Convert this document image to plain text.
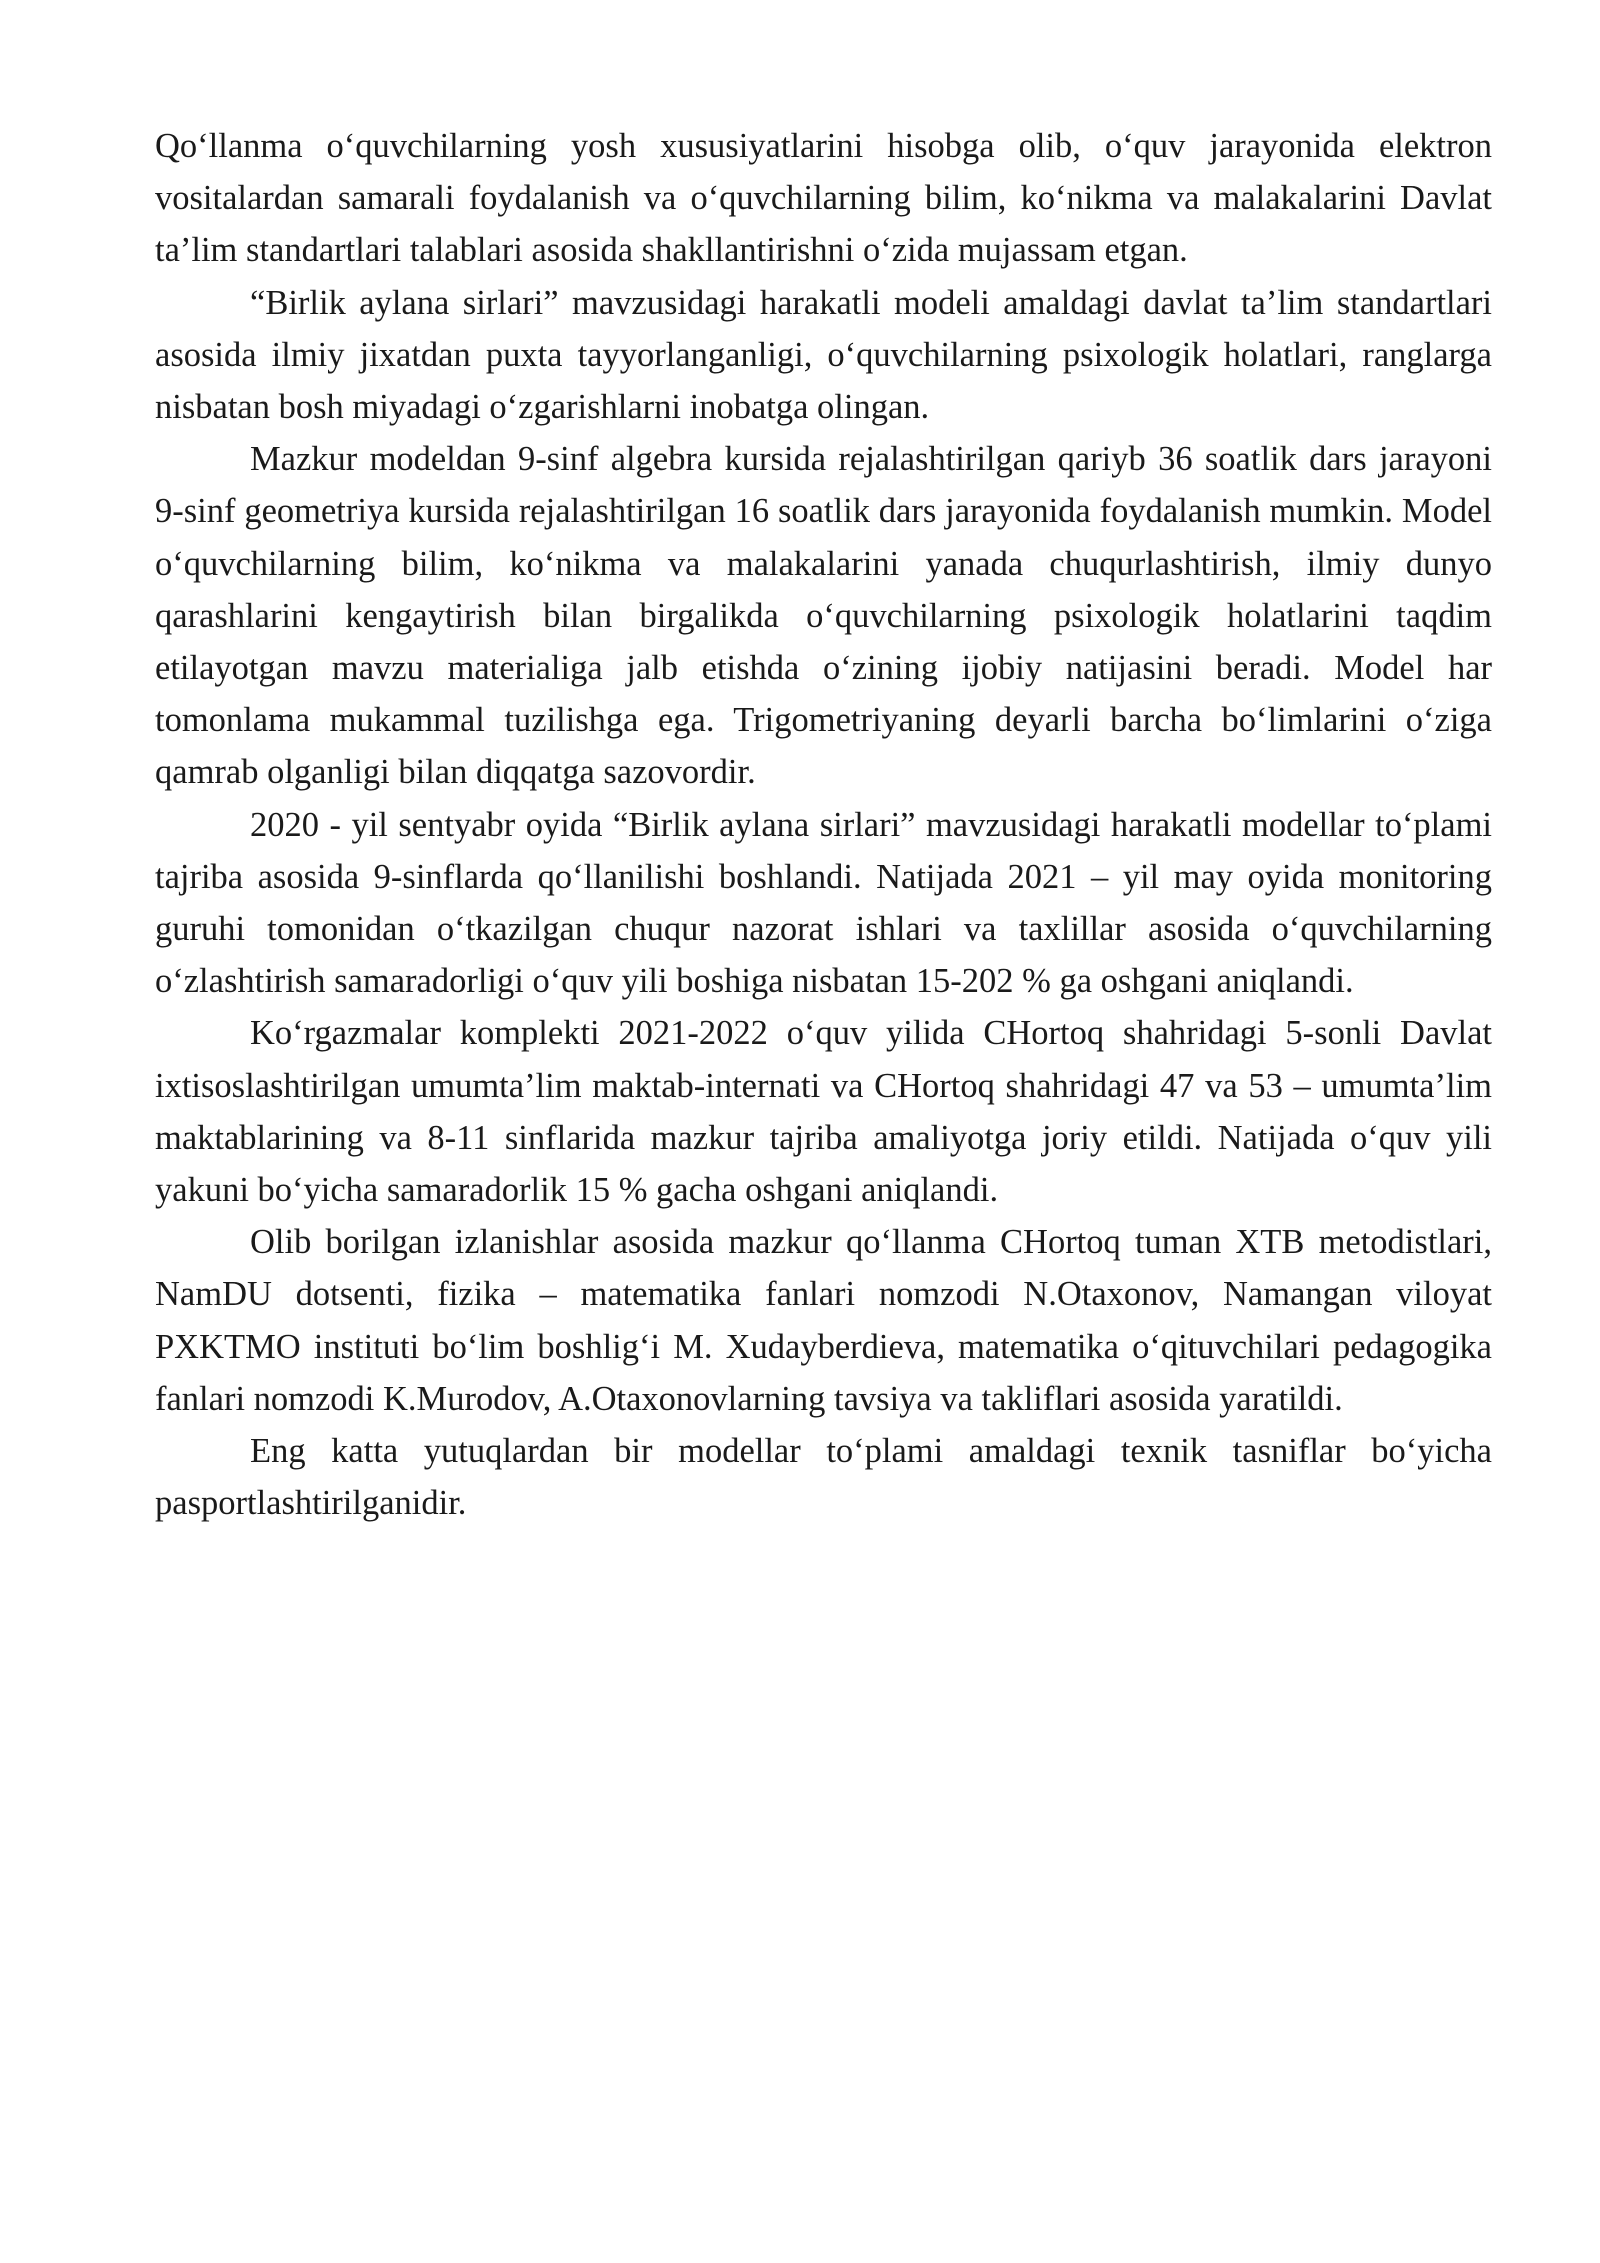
Qo‘llanma o‘quvchilarning yosh xususiyatlarini hisobga olib, o‘quv jarayonida elektron vositalardan samarali foydalanish va o‘quvchilarning bilim, ko‘nikma va malakalarini Davlat ta’lim standartlari talablari asosida shakllantirishni o‘zida mujassam etgan.

“Birlik aylana sirlari” mavzusidagi harakatli modeli amaldagi davlat ta’lim standartlari asosida ilmiy jixatdan puxta tayyorlanganligi, o‘quvchilarning psixologik holatlari, ranglarga nisbatan bosh miyadagi o‘zgarishlarni inobatga olingan.

Mazkur modeldan 9-sinf algebra kursida rejalashtirilgan qariyb 36 soatlik dars jarayoni 9-sinf geometriya kursida rejalashtirilgan 16 soatlik dars jarayonida foydalanish mumkin. Model o‘quvchilarning bilim, ko‘nikma va malakalarini yanada chuqurlashtirish, ilmiy dunyo qarashlarini kengaytirish bilan birgalikda o‘quvchilarning psixologik holatlarini taqdim etilayotgan mavzu materialiga jalb etishda o‘zining ijobiy natijasini beradi. Model har tomonlama mukammal tuzilishga ega. Trigometriyaning deyarli barcha bo‘limlarini o‘ziga qamrab olganligi bilan diqqatga sazovordir.

2020 - yil sentyabr oyida “Birlik aylana sirlari” mavzusidagi harakatli modellar to‘plami tajriba asosida 9-sinflarda qo‘llanilishi boshlandi. Natijada 2021 – yil may oyida monitoring guruhi tomonidan o‘tkazilgan chuqur nazorat ishlari va taxlillar asosida o‘quvchilarning o‘zlashtirish samaradorligi o‘quv yili boshiga nisbatan 15-202 % ga oshgani aniqlandi.

Ko‘rgazmalar komplekti 2021-2022 o‘quv yilida CHortoq shahridagi 5-sonli Davlat ixtisoslashtirilgan umumta’lim maktab-internati va CHortoq shahridagi 47 va 53 – umumta’lim maktablarining va 8-11 sinflarida mazkur tajriba amaliyotga joriy etildi. Natijada o‘quv yili yakuni bo‘yicha samaradorlik 15 % gacha oshgani aniqlandi.

Olib borilgan izlanishlar asosida mazkur qo‘llanma CHortoq tuman XTB metodistlari, NamDU dotsenti, fizika – matematika fanlari nomzodi N.Otaxonov, Namangan viloyat PXKTMO instituti bo‘lim boshlig‘i M. Xudayberdieva, matematika o‘qituvchilari pedagogika fanlari nomzodi K.Murodov, A.Otaxonovlarning tavsiya va takliflari asosida yaratildi.

Eng katta yutuqlardan bir modellar to‘plami amaldagi texnik tasniflar bo‘yicha pasportlashtirilganidir.
